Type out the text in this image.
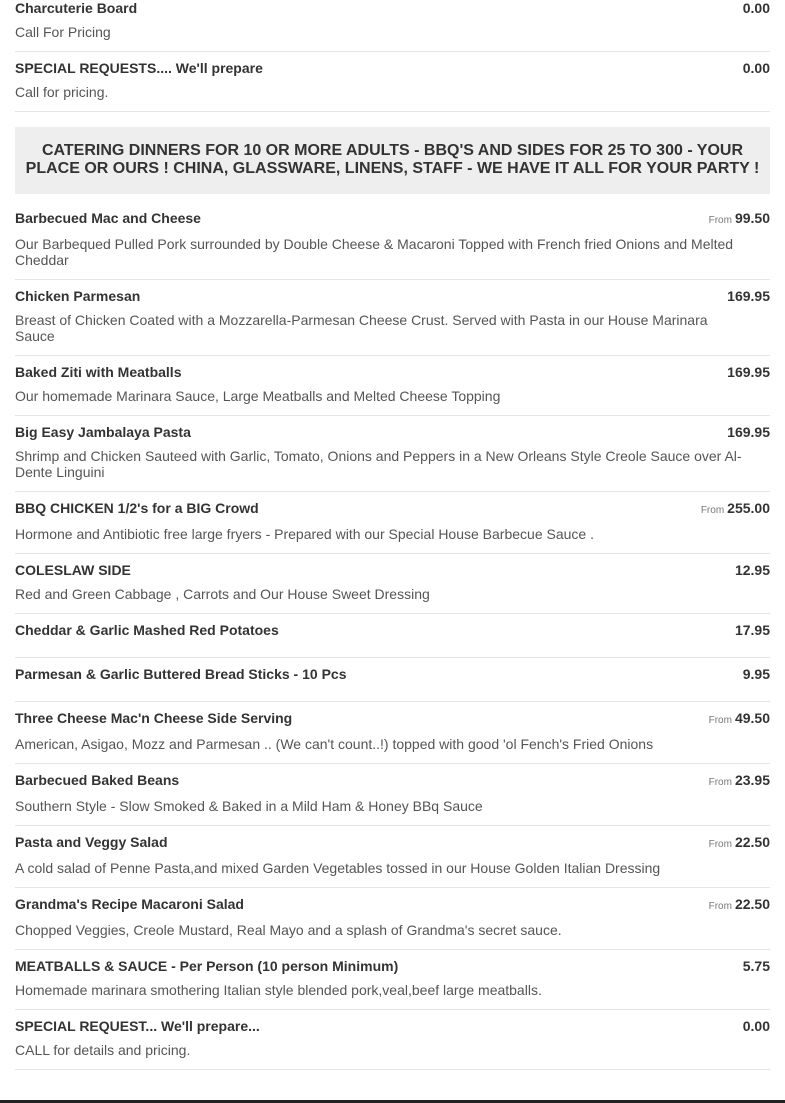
Charcuterie Board	0.00
Call For Pricing
SPECIAL REQUESTS.... We'll prepare	0.00
Call for pricing.
CATERING DINNERS FOR 10 OR MORE ADULTS - BBQ'S AND SIDES FOR 25 TO 300 - YOUR PLACE OR OURS ! CHINA, GLASSWARE, LINENS, STAFF - WE HAVE IT ALL FOR YOUR PARTY !
Barbecued Mac and Cheese	From 99.50
Our Barbequed Pulled Pork surrounded by Double Cheese & Macaroni Topped with French fried Onions and Melted Cheddar
Chicken Parmesan	169.95
Breast of Chicken Coated with a Mozzarella-Parmesan Cheese Crust. Served with Pasta in our House Marinara Sauce
Baked Ziti with Meatballs	169.95
Our homemade Marinara Sauce, Large Meatballs and Melted Cheese Topping
Big Easy Jambalaya Pasta	169.95
Shrimp and Chicken Sauteed with Garlic, Tomato, Onions and Peppers in a New Orleans Style Creole Sauce over Al-Dente Linguini
BBQ CHICKEN 1/2's for a BIG Crowd	From 255.00
Hormone and Antibiotic free large fryers - Prepared with our Special House Barbecue Sauce .
COLESLAW SIDE	12.95
Red and Green Cabbage , Carrots and Our House Sweet Dressing
Cheddar & Garlic Mashed Red Potatoes	17.95
Parmesan & Garlic Buttered Bread Sticks - 10 Pcs	9.95
Three Cheese Mac'n Cheese Side Serving	From 49.50
American, Asigao, Mozz and Parmesan .. (We can't count..!) topped with good 'ol Fench's Fried Onions
Barbecued Baked Beans	From 23.95
Southern Style - Slow Smoked & Baked in a Mild Ham & Honey BBq Sauce
Pasta and Veggy Salad	From 22.50
A cold salad of Penne Pasta,and mixed Garden Vegetables tossed in our House Golden Italian Dressing
Grandma's Recipe Macaroni Salad	From 22.50
Chopped Veggies, Creole Mustard, Real Mayo and a splash of Grandma's secret sauce.
MEATBALLS & SAUCE - Per Person (10 person Minimum)	5.75
Homemade marinara smothering Italian style blended pork,veal,beef large meatballs.
SPECIAL REQUEST... We'll prepare...	0.00
CALL for details and pricing.
